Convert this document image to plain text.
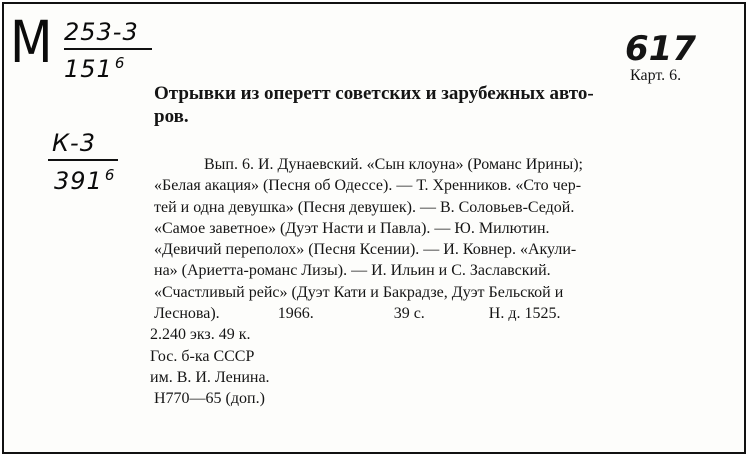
М 253-3
151 $^6$
К-3
391 $^6$
617
Карт. 6.
Отрывки из оперетт советских и зарубежных авто-
ров.
Вып. 6. И. Дунаевский. «Сын клоуна» (Романс Ирины);
«Белая акация» (Песня об Одессе). — Т. Хренников. «Сто чер-
тей и одна девушка» (Песня девушек). — В. Соловьев-Седой.
«Самое заветное» (Дуэт Насти и Павла). — Ю. Милютин.
«Девичий переполох» (Песня Ксении). — И. Ковнер. «Акули-
на» (Ариетта-романс Лизы). — И. Ильин и С. Заславский.
«Счастливый рейс» (Дуэт Кати и Бакрадзе, Дуэт Бельской и
Леснова).	1966.	39 с.	Н. д. 1525.
2.240 экз. 49 к.
Гос. б-ка СССР
им. В. И. Ленина.
Н770—65 (доп.)
